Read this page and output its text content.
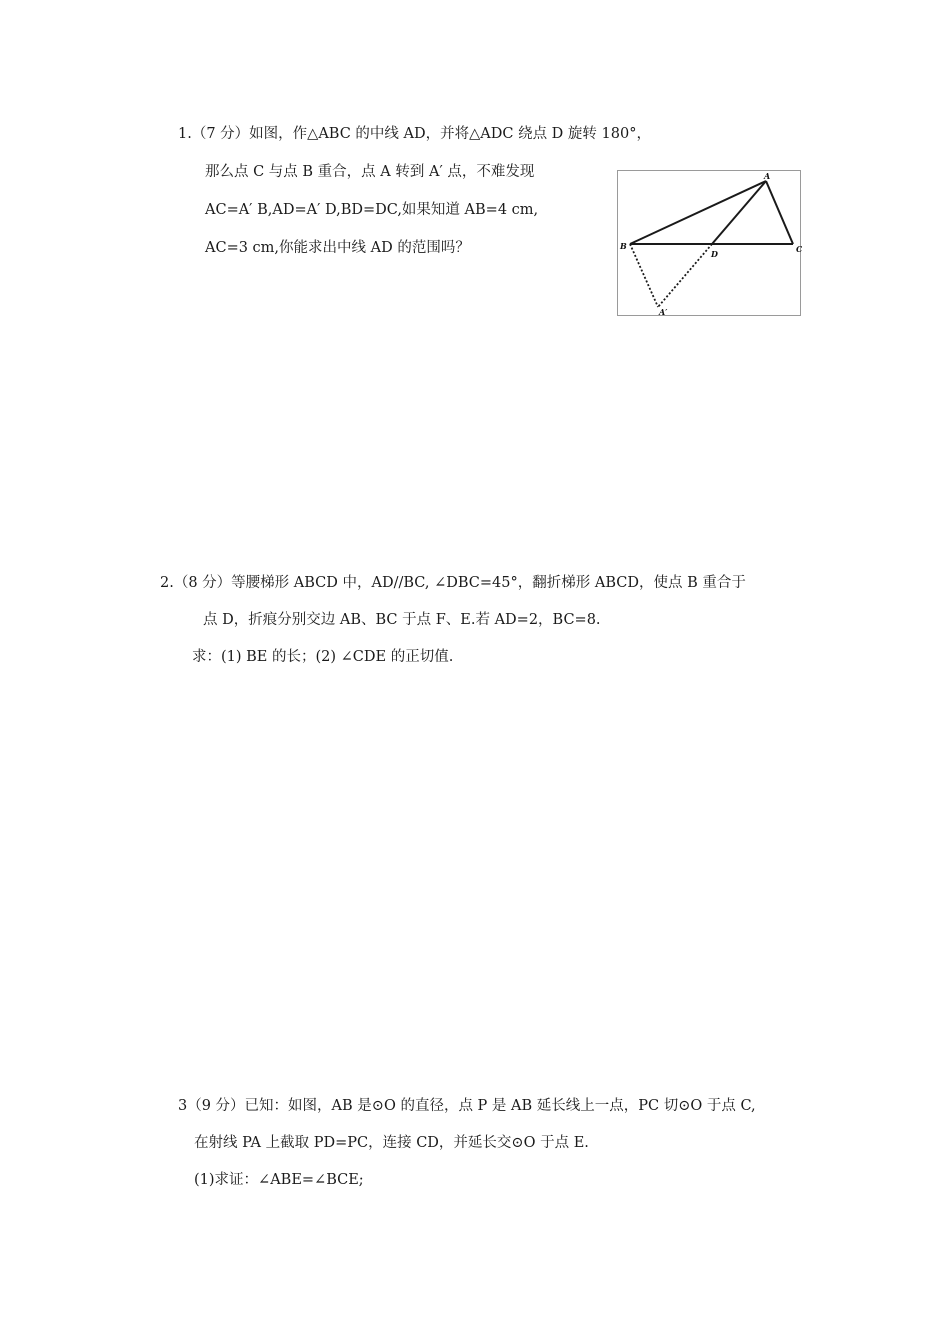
1.（7 分）如图，作△ABC 的中线 AD，并将△ADC 绕点 D 旋转 180°，
那么点 C 与点 B 重合，点 A 转到 A′ 点，不难发现
AC=A′ B,AD=A′ D,BD=DC,如果知道 AB=4 cm,
AC=3 cm,你能求出中线 AD 的范围吗？
A
B	C
D
A′
2.（8 分）等腰梯形 ABCD 中，AD//BC, ∠DBC=45°，翻折梯形 ABCD，使点 B 重合于
点 D，折痕分别交边 AB、BC 于点 F、E.若 AD=2，BC=8.
求：(1) BE 的长；(2) ∠CDE 的正切值.
3（9 分）已知：如图，AB 是⊙O 的直径，点 P 是 AB 延长线上一点，PC 切⊙O 于点 C,
在射线 PA 上截取 PD=PC，连接 CD，并延长交⊙O 于点 E.
(1)求证：∠ABE=∠BCE;
